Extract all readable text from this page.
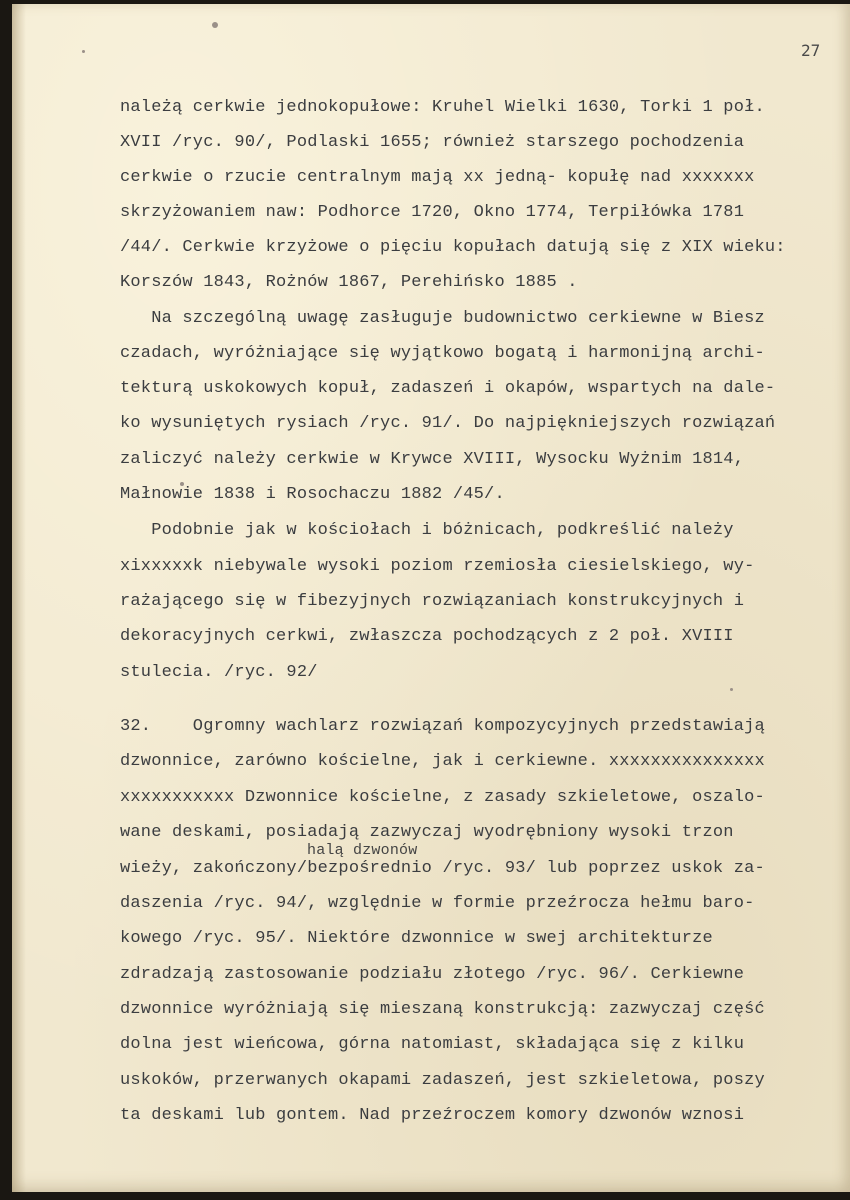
27
należą cerkwie jednokopułowe: Kruhel Wielki 1630, Torki 1 poł.
XVII /ryc. 90/, Podlaski 1655; również starszego pochodzenia
cerkwie o rzucie centralnym mają xx jedną- kopułę nad xxxxxxx
skrzyżowaniem naw: Podhorce 1720, Okno 1774, Terpiłówka 1781
/44/. Cerkwie krzyżowe o pięciu kopułach datują się z XIX wieku:
Korszów 1843, Rożnów 1867, Perehińsko 1885 .
Na szczególną uwagę zasługuje budownictwo cerkiewne w Biesz
czadach, wyróżniające się wyjątkowo bogatą i harmonijną archi-
tekturą uskokowych kopuł, zadaszeń i okapów, wspartych na dale-
ko wysuniętych rysiach /ryc. 91/. Do najpiękniejszych rozwiązań
zaliczyć należy cerkwie w Krywce XVIII, Wysocku Wyżnim 1814,
Małnowie 1838 i Rosochaczu 1882 /45/.
Podobnie jak w kościołach i bóżnicach, podkreślić należy
xixxxxxk niebywale wysoki poziom rzemiosła ciesielskiego, wy-
rażającego się w fibezyjnych rozwiązaniach konstrukcyjnych i
dekoracyjnych cerkwi, zwłaszcza pochodzących z 2 poł. XVIII
stulecia. /ryc. 92/
32.    Ogromny wachlarz rozwiązań kompozycyjnych przedstawiają
dzwonnice, zarówno kościelne, jak i cerkiewne. xxxxxxxxxxxxxxx
xxxxxxxxxxx Dzwonnice kościelne, z zasady szkieletowe, oszalo-
wane deskami, posiadają zazwyczaj wyodrębniony wysoki trzon
halą dzwonów
wieży, zakończony/bezpośrednio /ryc. 93/ lub poprzez uskok za-
daszenia /ryc. 94/, względnie w formie przeźrocza hełmu baro-
kowego /ryc. 95/. Niektóre dzwonnice w swej architekturze
zdradzają zastosowanie podziału złotego /ryc. 96/. Cerkiewne
dzwonnice wyróżniają się mieszaną konstrukcją: zazwyczaj część
dolna jest wieńcowa, górna natomiast, składająca się z kilku
uskoków, przerwanych okapami zadaszeń, jest szkieletowa, poszy
ta deskami lub gontem. Nad przeźroczem komory dzwonów wznosi
